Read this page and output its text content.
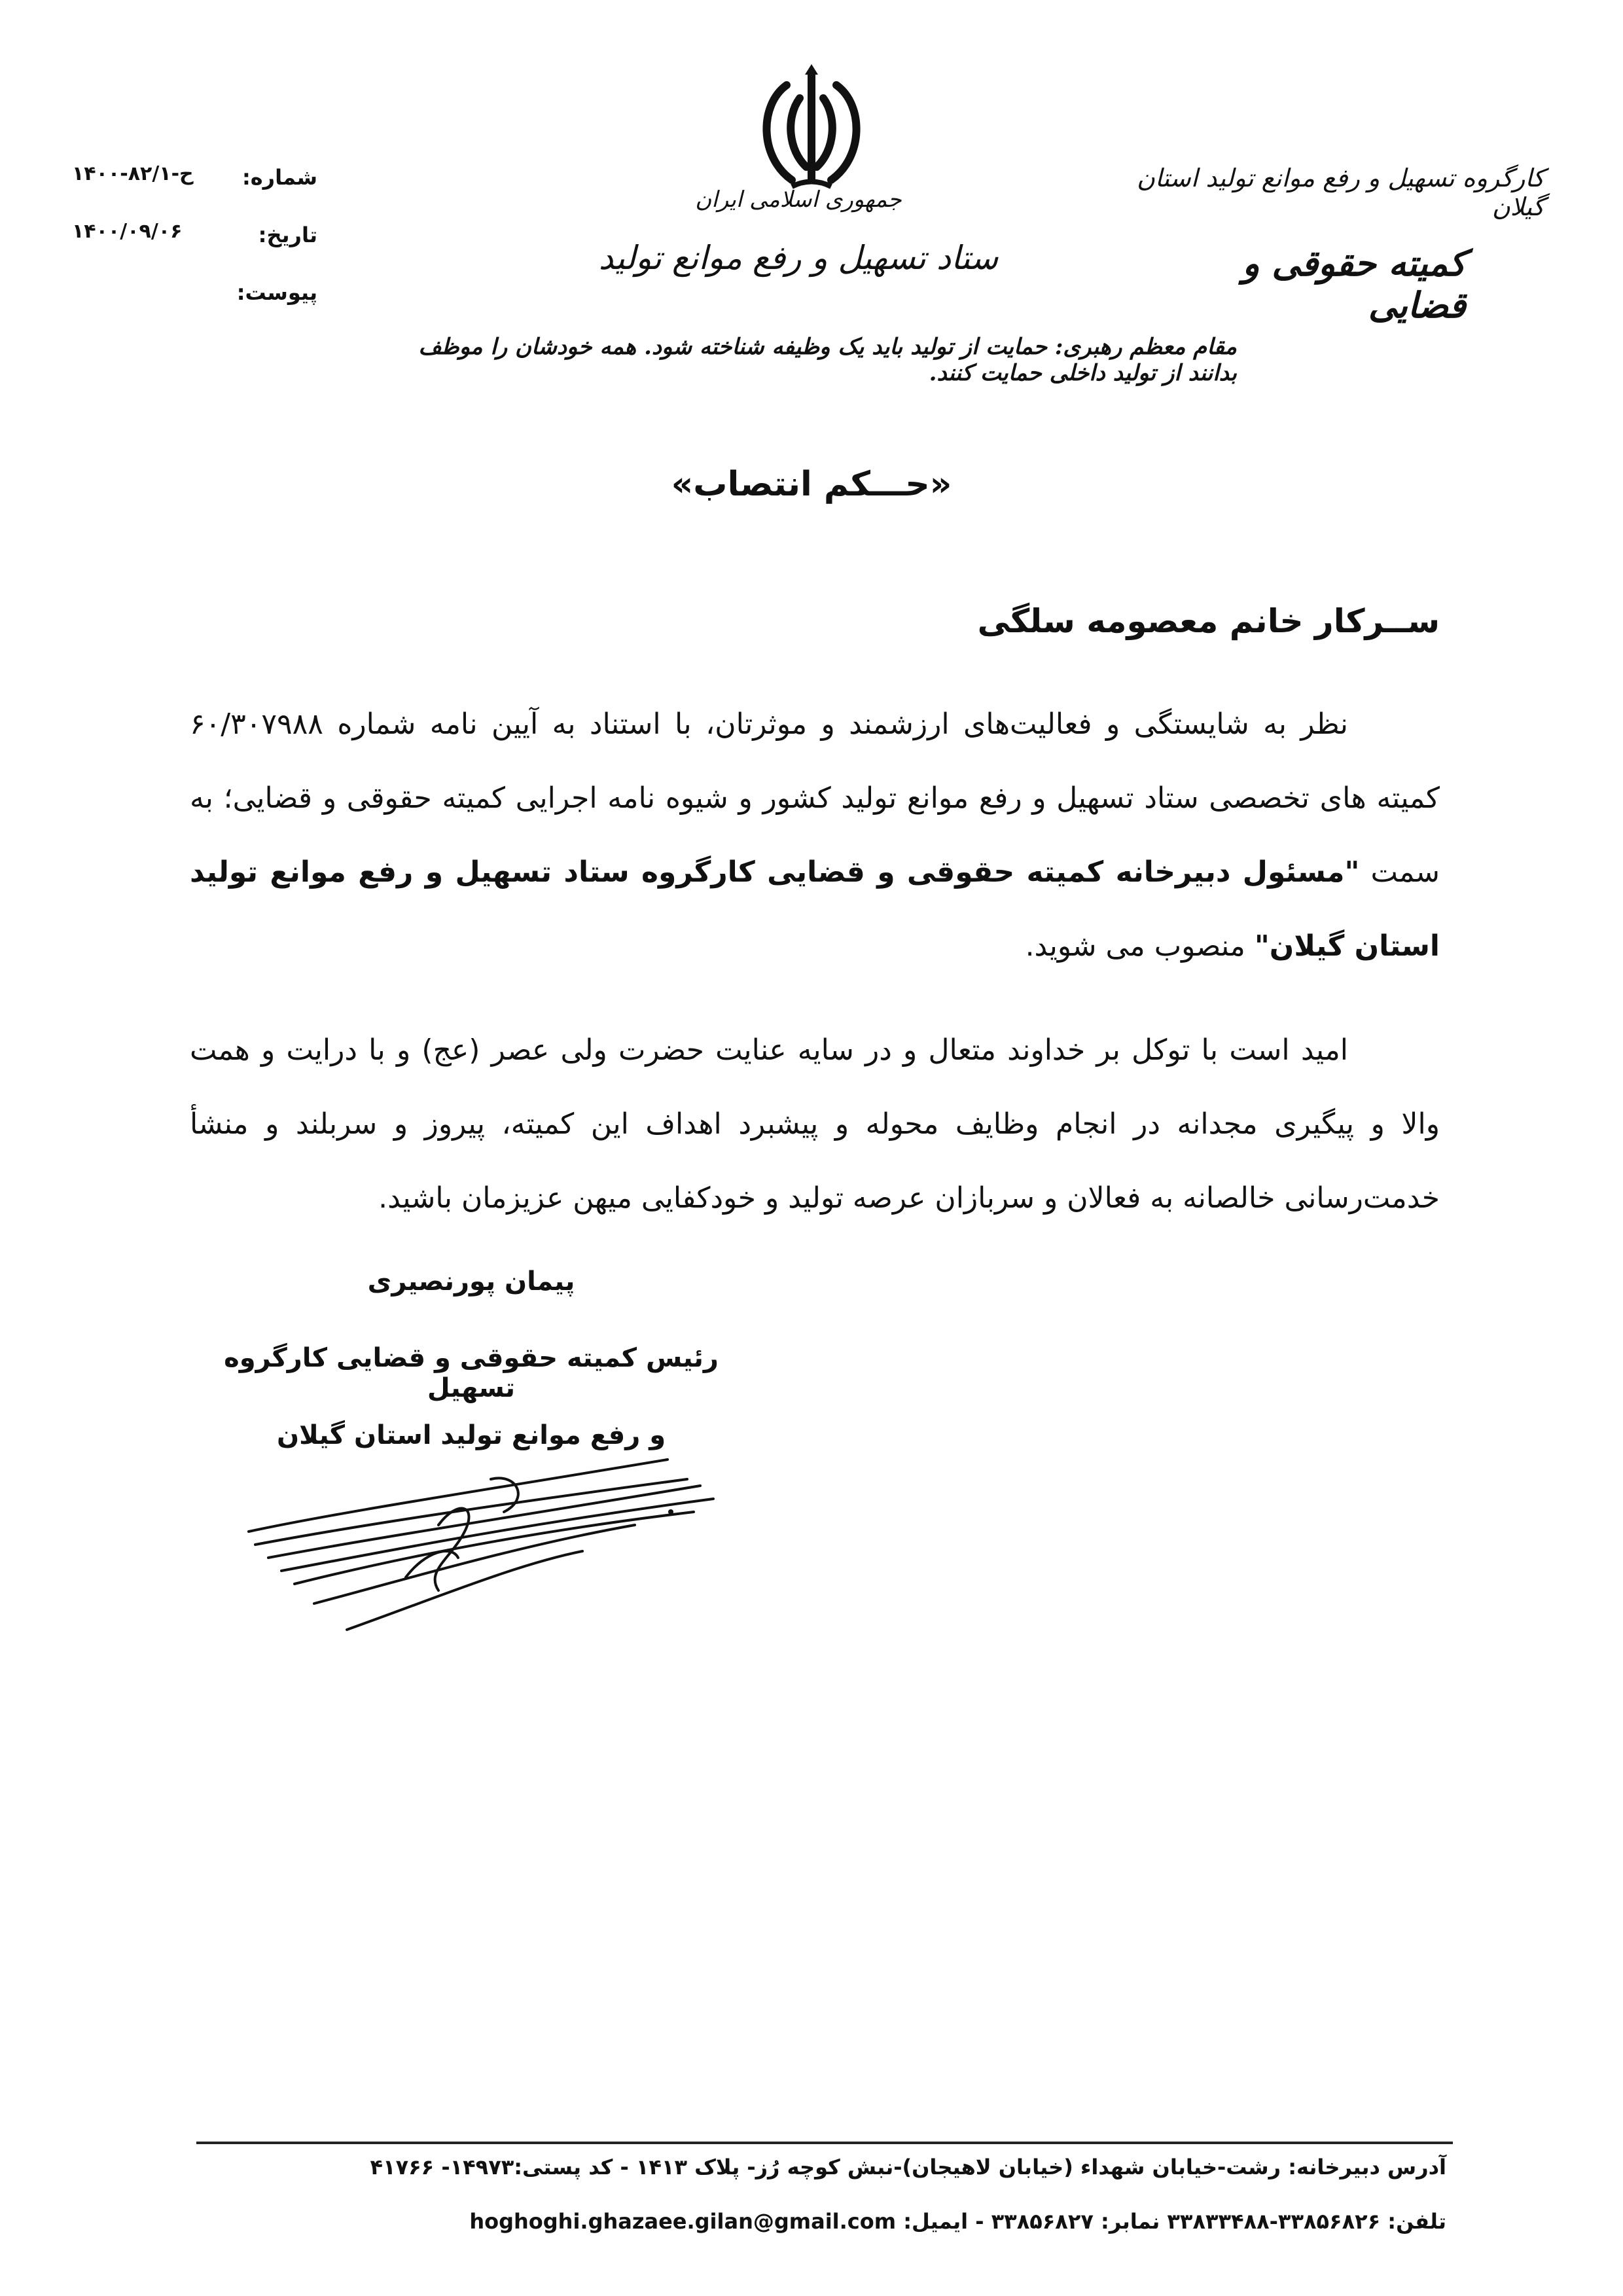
جمهوری اسلامی ایران
ستاد تسهیل و رفع موانع تولید
کارگروه تسهیل و رفع موانع تولید استان گیلان
کمیته حقوقی و قضایی
شماره:
۱۴۰۰-۸۲/۱-ح
تاریخ:
۱۴۰۰/۰۹/۰۶
پیوست:
مقام معظم رهبری: حمایت از تولید باید یک وظیفه شناخته شود. همه خودشان را موظف بدانند از تولید داخلی حمایت کنند.
«حـــکم انتصاب»
ســرکار خانم معصومه سلگی
نظر به شایستگی و فعالیت‌های ارزشمند و موثرتان، با استناد به آیین نامه شماره ۶۰/۳۰۷۹۸۸ کمیته های تخصصی ستاد تسهیل و رفع موانع تولید کشور و شیوه نامه اجرایی کمیته حقوقی و قضایی؛ به سمت "مسئول دبیرخانه کمیته حقوقی و قضایی کارگروه ستاد تسهیل و رفع موانع تولید استان گیلان" منصوب می شوید.
امید است با توکل بر خداوند متعال و در سایه عنایت حضرت ولی عصر (عج) و با درایت و همت والا و پیگیری مجدانه در انجام وظایف محوله و پیشبرد اهداف این کمیته، پیروز و سربلند و منشأ خدمت‌رسانی خالصانه به فعالان و سربازان عرصه تولید و خودکفایی میهن عزیزمان باشید.
پیمان پورنصیری
رئیس کمیته حقوقی و قضایی کارگروه تسهیل
و رفع موانع تولید استان گیلان
آدرس دبیرخانه: رشت-خیابان شهداء (خیابان لاهیجان)-نبش کوچه رُز- پلاک ۱۴۱۳ - کد پستی:۱۴۹۷۳- ۴۱۷۶۶
تلفن: ۳۳۸۵۶۸۲۶-۳۳۸۳۳۴۸۸ نمابر: ۳۳۸۵۶۸۲۷ - ایمیل: hoghoghi.ghazaee.gilan@gmail.com
